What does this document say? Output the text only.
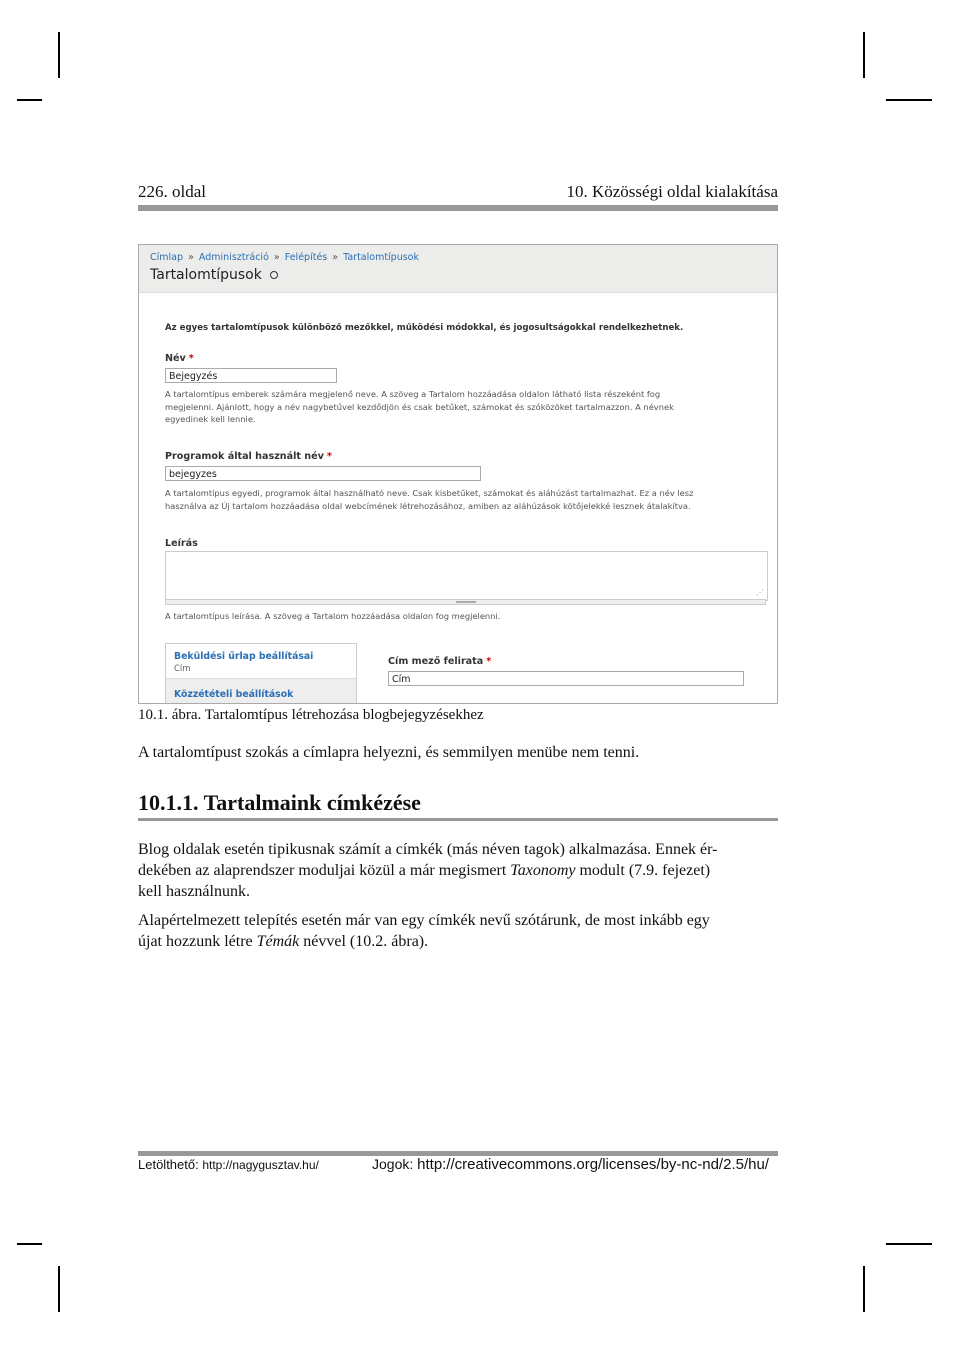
226. oldal	10. Közösségi oldal kialakítása
Címlap » Adminisztráció » Felépítés » Tartalomtípusok
Tartalomtípusok
Az egyes tartalomtípusok különböző mezőkkel, működési módokkal, és jogosultságokkal rendelkezhetnek.
Név *
Bejegyzés

A tartalomtípus emberek számára megjelenő neve. A szöveg a Tartalom hozzáadása oldalon látható lista részeként fog

megjelenni. Ajánlott, hogy a név nagybetűvel kezdődjön és csak betűket, számokat és szóközöket tartalmazzon. A névnek

egyedinek kell lennie.

Programok által használt név *
bejegyzes

A tartalomtípus egyedi, programok által használható neve. Csak kisbetűket, számokat és aláhúzást tartalmazhat. Ez a név lesz

használva az Új tartalom hozzáadása oldal webcímének létrehozásához, amiben az aláhúzások kötőjelekké lesznek átalakítva.

Leírás
⋰

A tartalomtípus leírása. A szöveg a Tartalom hozzáadása oldalon fog megjelenni.

Beküldési űrlap beállításai
Cím
Közzétételi beállítások
Cím mező felirata *
Cím
10.1. ábra. Tartalomtípus létrehozása blogbejegyzésekhez
A tartalomtípust szokás a címlapra helyezni, és semmilyen menübe nem tenni.
10.1.1. Tartalmaink címkézése
Blog oldalak esetén tipikusnak számít a címkék (más néven tagok) alkalmazása. Ennek ér-
dekében az alaprendszer moduljai közül a már megismert Taxonomy modult (7.9. fejezet)
kell használnunk.
Alapértelmezett telepítés esetén már van egy címkék nevű szótárunk, de most inkább egy
újat hozzunk létre Témák névvel (10.2. ábra).
Letölthető: http://nagygusztav.hu/	Jogok: http://creativecommons.org/licenses/by-nc-nd/2.5/hu/
